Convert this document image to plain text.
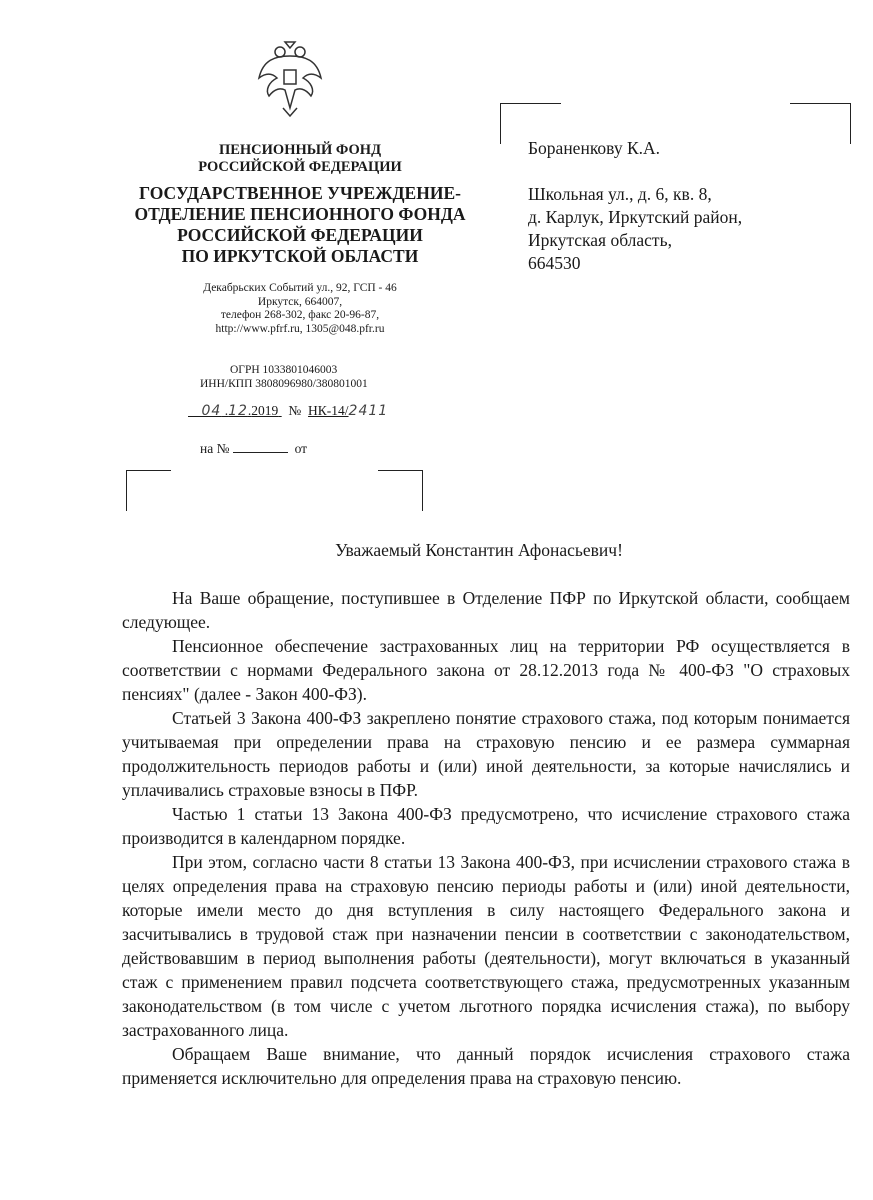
ПЕНСИОННЫЙ ФОНД
РОССИЙСКОЙ ФЕДЕРАЦИИ
ГОСУДАРСТВЕННОЕ УЧРЕЖДЕНИЕ-
ОТДЕЛЕНИЕ ПЕНСИОННОГО ФОНДА
РОССИЙСКОЙ ФЕДЕРАЦИИ
ПО ИРКУТСКОЙ ОБЛАСТИ
Декабрьских Событий ул., 92, ГСП - 46
Иркутск, 664007,
телефон 268-302, факс 20-96-87,
http://www.pfrf.ru, 1305@048.pfr.ru
ОГРН 1033801046003
ИНН/КПП 3808096980/380801001
04 .12.2019 № НК-14/2411
на №	от
Бораненкову К.А.
Школьная ул., д. 6, кв. 8,
д. Карлук, Иркутский район,
Иркутская область,
664530
Уважаемый Константин Афонасьевич!

На Ваше обращение, поступившее в Отделение ПФР по Иркутской области, сообщаем следующее.

Пенсионное обеспечение застрахованных лиц на территории РФ осуществляется в соответствии с нормами Федерального закона от 28.12.2013 года № 400-ФЗ "О страховых пенсиях" (далее - Закон 400-ФЗ).

Статьей 3 Закона 400-ФЗ закреплено понятие страхового стажа, под которым понимается учитываемая при определении права на страховую пенсию и ее размера суммарная продолжительность периодов работы и (или) иной деятельности, за которые начислялись и уплачивались страховые взносы в ПФР.

Частью 1 статьи 13 Закона 400-ФЗ предусмотрено, что исчисление страхового стажа производится в календарном порядке.

При этом, согласно части 8 статьи 13 Закона 400-ФЗ, при исчислении страхового стажа в целях определения права на страховую пенсию периоды работы и (или) иной деятельности, которые имели место до дня вступления в силу настоящего Федерального закона и засчитывались в трудовой стаж при назначении пенсии в соответствии с законодательством, действовавшим в период выполнения работы (деятельности), могут включаться в указанный стаж с применением правил подсчета соответствующего стажа, предусмотренных указанным законодательством (в том числе с учетом льготного порядка исчисления стажа), по выбору застрахованного лица.

Обращаем Ваше внимание, что данный порядок исчисления страхового стажа применяется исключительно для определения права на страховую пенсию.
